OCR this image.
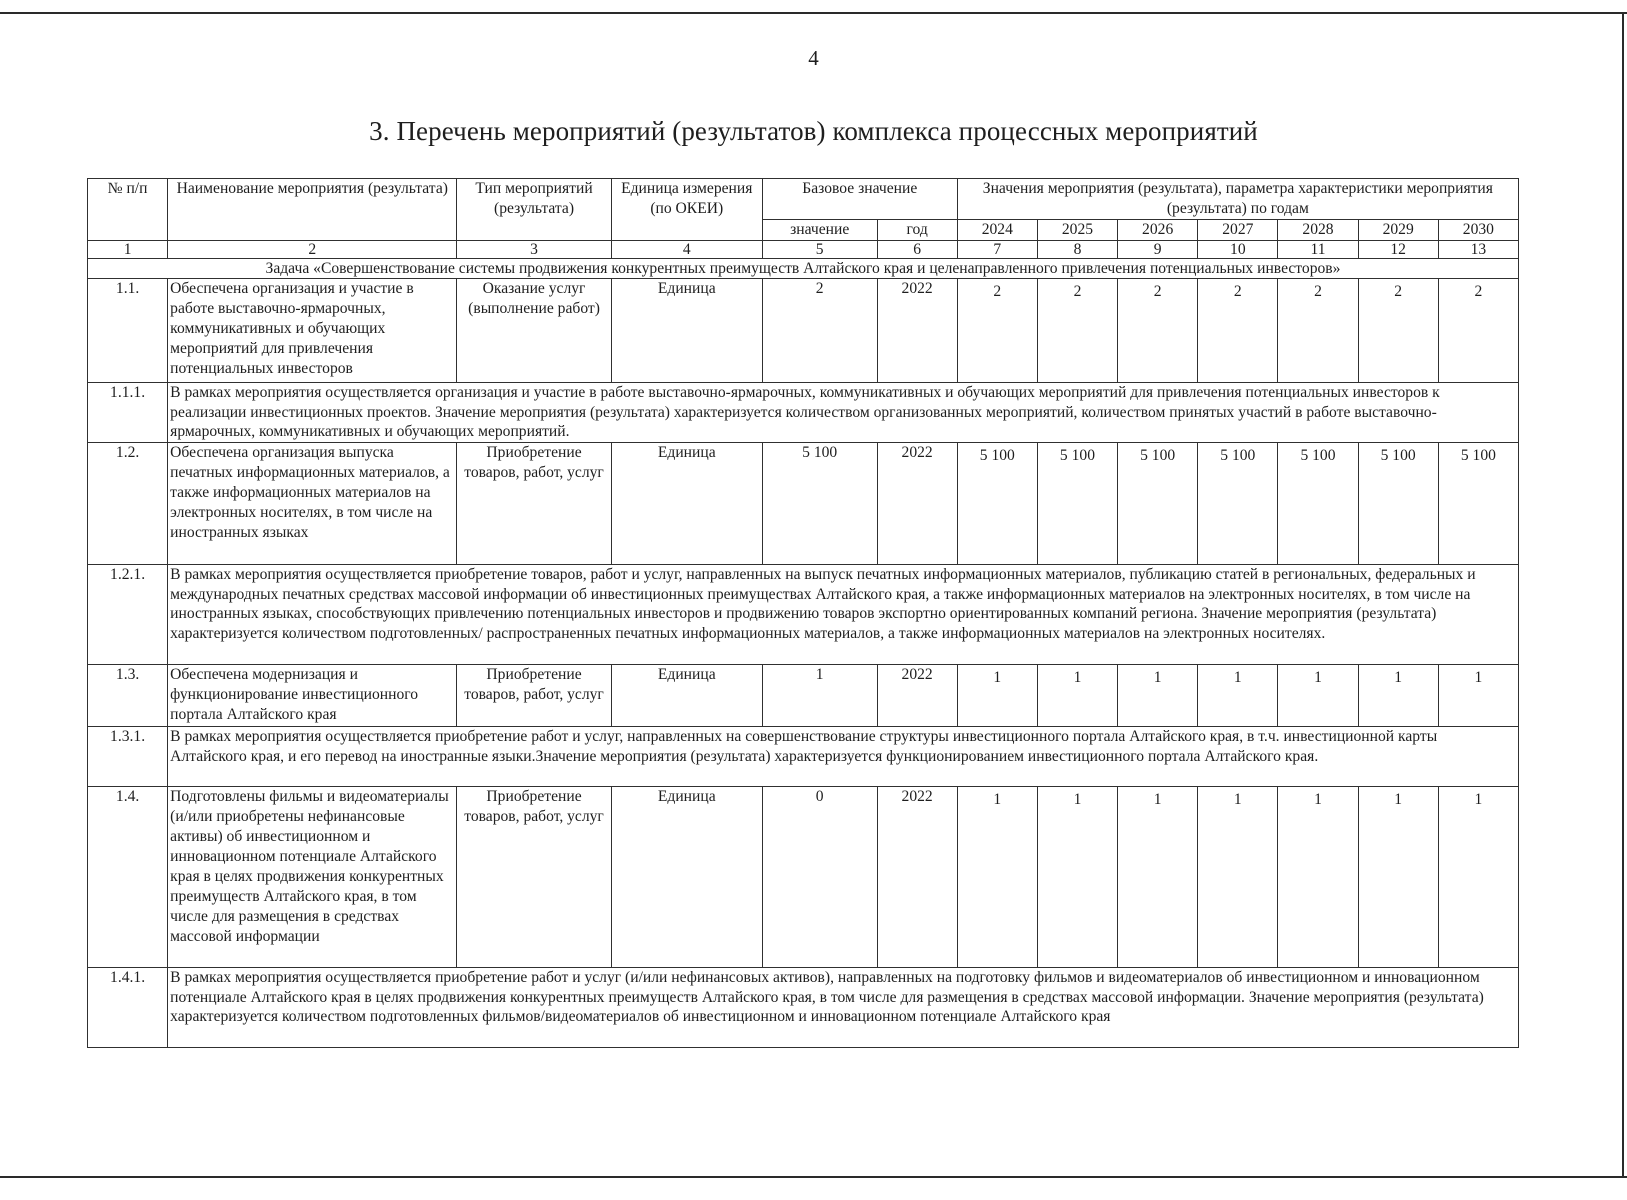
4
3. Перечень мероприятий (результатов) комплекса процессных мероприятий
№ п/п	Наименование мероприятия (результата)	Тип мероприятий (результата)	Единица измерения (по ОКЕИ)	Базовое значение		Значения мероприятия (результата), параметра характеристики мероприятия (результата) по годам						
				значение	год	2024	2025	2026	2027	2028	2029	2030
1	2	3	4	5	6	7	8	9	10	11	12	13
Задача «Совершенствование системы продвижения конкурентных преимуществ Алтайского края и целенаправленного привлечения потенциальных инвесторов»												
1.1.	Обеспечена организация и участие в работе выставочно-ярмарочных, коммуникативных и обучающих мероприятий для привлечения потенциальных инвесторов	Оказание услуг (выполнение работ)	Единица	2	2022	2	2	2	2	2	2	2
1.1.1.	В рамках мероприятия осуществляется организация и участие в работе выставочно-ярмарочных, коммуникативных и обучающих мероприятий для привлечения потенциальных инвесторов к реализации инвестиционных проектов. Значение мероприятия (результата) характеризуется количеством организованных мероприятий, количеством принятых участий в работе выставочно-ярмарочных, коммуникативных и обучающих мероприятий.											
1.2.	Обеспечена организация выпуска печатных информационных материалов, а также информационных материалов на электронных носителях, в том числе на иностранных языках	Приобретение товаров, работ, услуг	Единица	5 100	2022	5 100	5 100	5 100	5 100	5 100	5 100	5 100
1.2.1.	В рамках мероприятия осуществляется приобретение товаров, работ и услуг, направленных на выпуск печатных информационных материалов, публикацию статей в региональных, федеральных и международных печатных средствах массовой информации об инвестиционных преимуществах Алтайского края, а также информационных материалов на электронных носителях, в том числе на иностранных языках, способствующих привлечению потенциальных инвесторов и продвижению товаров экспортно ориентированных компаний региона. Значение мероприятия (результата) характеризуется количеством подготовленных/ распространенных печатных информационных материалов, а также информационных материалов на электронных носителях.											
1.3.	Обеспечена модернизация и функционирование инвестиционного портала Алтайского края	Приобретение товаров, работ, услуг	Единица	1	2022	1	1	1	1	1	1	1
1.3.1.	В рамках мероприятия осуществляется приобретение работ и услуг, направленных на совершенствование структуры инвестиционного портала Алтайского края, в т.ч. инвестиционной карты Алтайского края, и его перевод на иностранные языки.Значение мероприятия (результата) характеризуется функционированием инвестиционного портала Алтайского края.											
1.4.	Подготовлены фильмы и видеоматериалы (и/или приобретены нефинансовые активы) об инвестиционном и инновационном потенциале Алтайского края в целях продвижения конкурентных преимуществ Алтайского края, в том числе для размещения в средствах массовой информации	Приобретение товаров, работ, услуг	Единица	0	2022	1	1	1	1	1	1	1
1.4.1.	В рамках мероприятия осуществляется приобретение работ и услуг (и/или нефинансовых активов), направленных на подготовку фильмов и видеоматериалов об инвестиционном и инновационном потенциале Алтайского края в целях продвижения конкурентных преимуществ Алтайского края, в том числе для размещения в средствах массовой информации. Значение мероприятия (результата) характеризуется количеством подготовленных фильмов/видеоматериалов об инвестиционном и инновационном потенциале Алтайского края											
